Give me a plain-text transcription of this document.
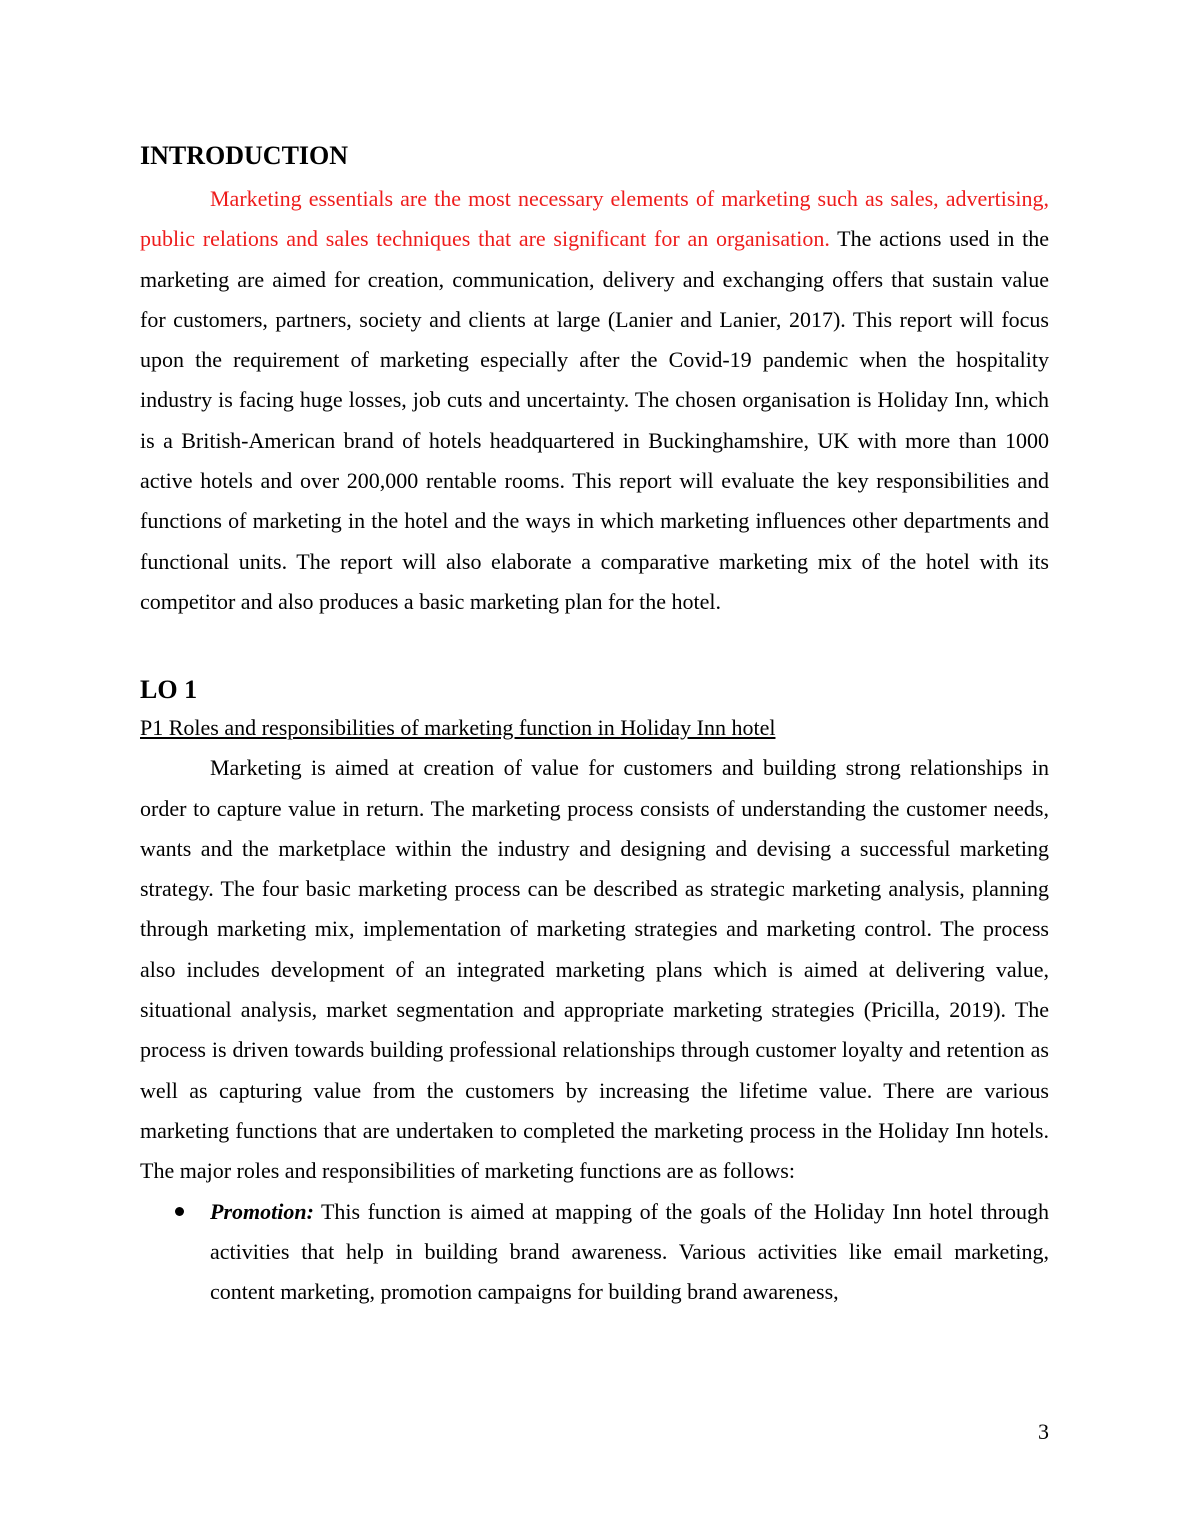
INTRODUCTION

Marketing essentials are the most necessary elements of marketing such as sales, advertising, public relations and sales techniques that are significant for an organisation. The actions used in the marketing are aimed for creation, communication, delivery and exchanging offers that sustain value for customers, partners, society and clients at large (Lanier and Lanier, 2017). This report will focus upon the requirement of marketing especially after the Covid-19 pandemic when the hospitality industry is facing huge losses, job cuts and uncertainty. The chosen organisation is Holiday Inn, which is a British-American brand of hotels headquartered in Buckinghamshire, UK with more than 1000 active hotels and over 200,000 rentable rooms. This report will evaluate the key responsibilities and functions of marketing in the hotel and the ways in which marketing influences other departments and functional units. The report will also elaborate a comparative marketing mix of the hotel with its competitor and also produces a basic marketing plan for the hotel.

LO 1
P1 Roles and responsibilities of marketing function in Holiday Inn hotel

Marketing is aimed at creation of value for customers and building strong relationships in order to capture value in return. The marketing process consists of understanding the customer needs, wants and the marketplace within the industry and designing and devising a successful marketing strategy. The four basic marketing process can be described as strategic marketing analysis, planning through marketing mix, implementation of marketing strategies and marketing control. The process also includes development of an integrated marketing plans which is aimed at delivering value, situational analysis, market segmentation and appropriate marketing strategies (Pricilla, 2019). The process is driven towards building professional relationships through customer loyalty and retention as well as capturing value from the customers by increasing the lifetime value. There are various marketing functions that are undertaken to completed the marketing process in the Holiday Inn hotels. The major roles and responsibilities of marketing functions are as follows:

Promotion: This function is aimed at mapping of the goals of the Holiday Inn hotel through activities that help in building brand awareness. Various activities like email marketing, content marketing, promotion campaigns for building brand awareness,
3
